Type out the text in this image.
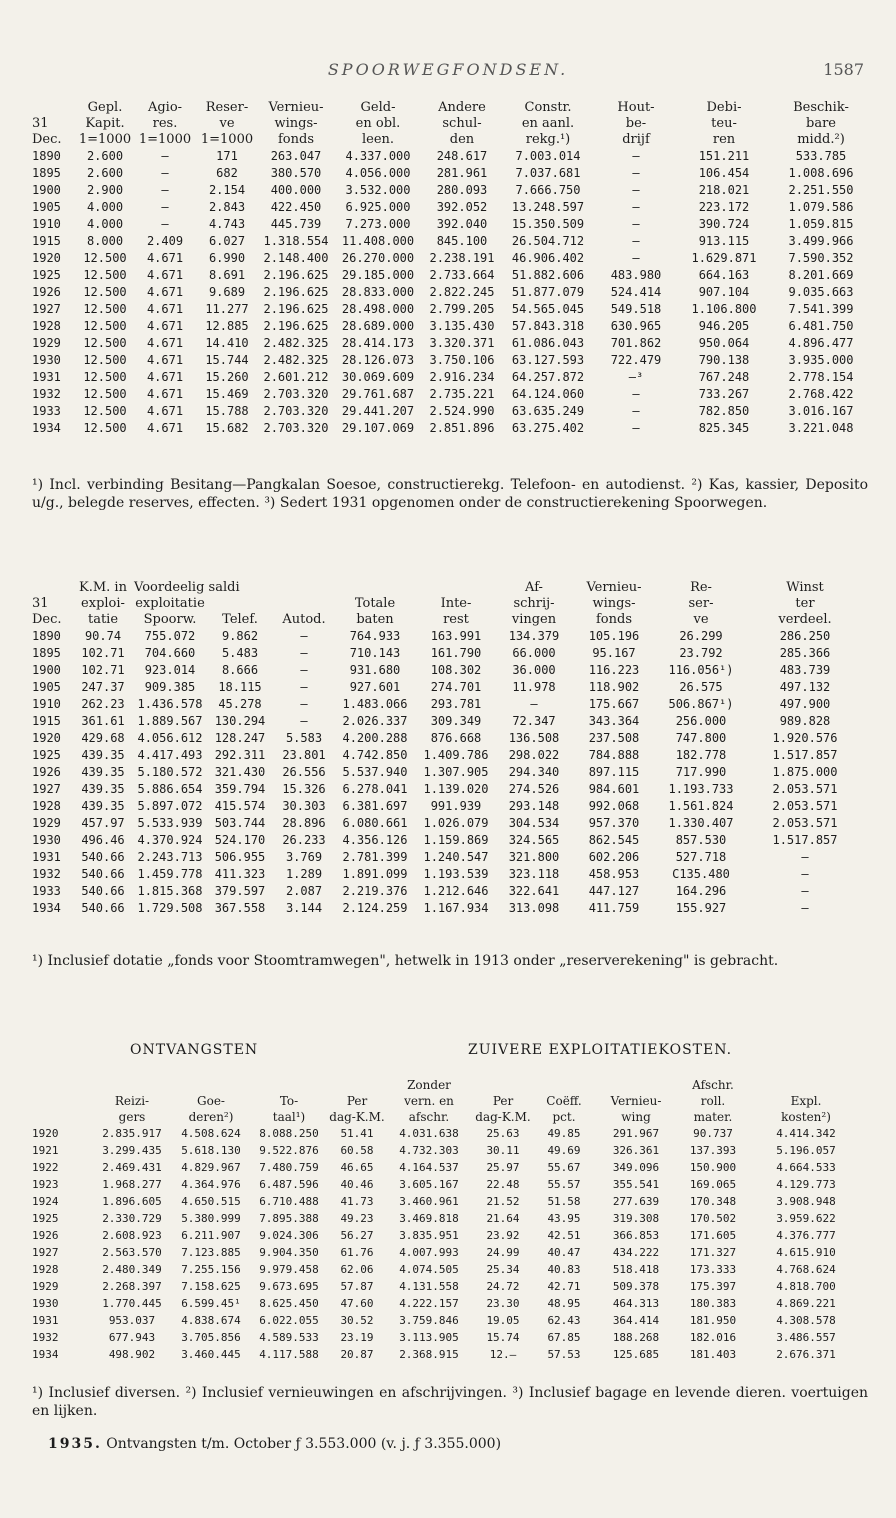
SPOORWEGFONDSEN.	1587
	Gepl.	Agio-	Reser-	Vernieu-	Geld-	Andere	Constr.	Hout-	Debi-	Beschik-
31	Kapit.	res.	ve	wings-	en obl.	schul-	en aanl.	be-	teu-	bare
Dec.	1=1000	1=1000	1=1000	fonds	leen.	den	rekg.¹)	drijf	ren	midd.²)
1890	2.600	—	171	263.047	4.337.000	248.617	7.003.014	—	151.211	533.785
1895	2.600	—	682	380.570	4.056.000	281.961	7.037.681	—	106.454	1.008.696
1900	2.900	—	2.154	400.000	3.532.000	280.093	7.666.750	—	218.021	2.251.550
1905	4.000	—	2.843	422.450	6.925.000	392.052	13.248.597	—	223.172	1.079.586
1910	4.000	—	4.743	445.739	7.273.000	392.040	15.350.509	—	390.724	1.059.815
1915	8.000	2.409	6.027	1.318.554	11.408.000	845.100	26.504.712	—	913.115	3.499.966
1920	12.500	4.671	6.990	2.148.400	26.270.000	2.238.191	46.906.402	—	1.629.871	7.590.352
1925	12.500	4.671	8.691	2.196.625	29.185.000	2.733.664	51.882.606	483.980	664.163	8.201.669
1926	12.500	4.671	9.689	2.196.625	28.833.000	2.822.245	51.877.079	524.414	907.104	9.035.663
1927	12.500	4.671	11.277	2.196.625	28.498.000	2.799.205	54.565.045	549.518	1.106.800	7.541.399
1928	12.500	4.671	12.885	2.196.625	28.689.000	3.135.430	57.843.318	630.965	946.205	6.481.750
1929	12.500	4.671	14.410	2.482.325	28.414.173	3.320.371	61.086.043	701.862	950.064	4.896.477
1930	12.500	4.671	15.744	2.482.325	28.126.073	3.750.106	63.127.593	722.479	790.138	3.935.000
1931	12.500	4.671	15.260	2.601.212	30.069.609	2.916.234	64.257.872	—³	767.248	2.778.154
1932	12.500	4.671	15.469	2.703.320	29.761.687	2.735.221	64.124.060	—	733.267	2.768.422
1933	12.500	4.671	15.788	2.703.320	29.441.207	2.524.990	63.635.249	—	782.850	3.016.167
1934	12.500	4.671	15.682	2.703.320	29.107.069	2.851.896	63.275.402	—	825.345	3.221.048
¹) Incl. verbinding Besitang—Pangkalan Soesoe, constructierekg. Telefoon- en autodienst. ²) Kas, kassier, Deposito u/g., belegde reserves, effecten. ³) Sedert 1931 opgenomen onder de constructierekening Spoorwegen.
	K.M. in	Voordeelig saldi					Af-	Vernieu-	Re-	Winst
31	exploi-	exploitatie			Totale	Inte-	schrij-	wings-	ser-	ter
Dec.	tatie	Spoorw.	Telef.	Autod.	baten	rest	vingen	fonds	ve	verdeel.
1890	90.74	755.072	9.862	—	764.933	163.991	134.379	105.196	26.299	286.250
1895	102.71	704.660	5.483	—	710.143	161.790	66.000	95.167	23.792	285.366
1900	102.71	923.014	8.666	—	931.680	108.302	36.000	116.223	116.056¹)	483.739
1905	247.37	909.385	18.115	—	927.601	274.701	11.978	118.902	26.575	497.132
1910	262.23	1.436.578	45.278	—	1.483.066	293.781	—	175.667	506.867¹)	497.900
1915	361.61	1.889.567	130.294	—	2.026.337	309.349	72.347	343.364	256.000	989.828
1920	429.68	4.056.612	128.247	5.583	4.200.288	876.668	136.508	237.508	747.800	1.920.576
1925	439.35	4.417.493	292.311	23.801	4.742.850	1.409.786	298.022	784.888	182.778	1.517.857
1926	439.35	5.180.572	321.430	26.556	5.537.940	1.307.905	294.340	897.115	717.990	1.875.000
1927	439.35	5.886.654	359.794	15.326	6.278.041	1.139.020	274.526	984.601	1.193.733	2.053.571
1928	439.35	5.897.072	415.574	30.303	6.381.697	991.939	293.148	992.068	1.561.824	2.053.571
1929	457.97	5.533.939	503.744	28.896	6.080.661	1.026.079	304.534	957.370	1.330.407	2.053.571
1930	496.46	4.370.924	524.170	26.233	4.356.126	1.159.869	324.565	862.545	857.530	1.517.857
1931	540.66	2.243.713	506.955	3.769	2.781.399	1.240.547	321.800	602.206	527.718	—
1932	540.66	1.459.778	411.323	1.289	1.891.099	1.193.539	323.118	458.953	C135.480	—
1933	540.66	1.815.368	379.597	2.087	2.219.376	1.212.646	322.641	447.127	164.296	—
1934	540.66	1.729.508	367.558	3.144	2.124.259	1.167.934	313.098	411.759	155.927	—
¹) Inclusief dotatie „fonds voor Stoomtramwegen", hetwelk in 1913 onder „reserverekening" is gebracht.
ONTVANGSTEN	ZUIVERE EXPLOITATIEKOSTEN.
					Zonder				Afschr.	
	Reizi-	Goe-	To-	Per	vern. en	Per	Coëff.	Vernieu-	roll.	Expl.
	gers	deren²)	taal¹)	dag-K.M.	afschr.	dag-K.M.	pct.	wing	mater.	kosten²)
1920	2.835.917	4.508.624	8.088.250	51.41	4.031.638	25.63	49.85	291.967	90.737	4.414.342
1921	3.299.435	5.618.130	9.522.876	60.58	4.732.303	30.11	49.69	326.361	137.393	5.196.057
1922	2.469.431	4.829.967	7.480.759	46.65	4.164.537	25.97	55.67	349.096	150.900	4.664.533
1923	1.968.277	4.364.976	6.487.596	40.46	3.605.167	22.48	55.57	355.541	169.065	4.129.773
1924	1.896.605	4.650.515	6.710.488	41.73	3.460.961	21.52	51.58	277.639	170.348	3.908.948
1925	2.330.729	5.380.999	7.895.388	49.23	3.469.818	21.64	43.95	319.308	170.502	3.959.622
1926	2.608.923	6.211.907	9.024.306	56.27	3.835.951	23.92	42.51	366.853	171.605	4.376.777
1927	2.563.570	7.123.885	9.904.350	61.76	4.007.993	24.99	40.47	434.222	171.327	4.615.910
1928	2.480.349	7.255.156	9.979.458	62.06	4.074.505	25.34	40.83	518.418	173.333	4.768.624
1929	2.268.397	7.158.625	9.673.695	57.87	4.131.558	24.72	42.71	509.378	175.397	4.818.700
1930	1.770.445	6.599.45¹	8.625.450	47.60	4.222.157	23.30	48.95	464.313	180.383	4.869.221
1931	953.037	4.838.674	6.022.055	30.52	3.759.846	19.05	62.43	364.414	181.950	4.308.578
1932	677.943	3.705.856	4.589.533	23.19	3.113.905	15.74	67.85	188.268	182.016	3.486.557
1934	498.902	3.460.445	4.117.588	20.87	2.368.915	12.—	57.53	125.685	181.403	2.676.371
¹) Inclusief diversen. ²) Inclusief vernieuwingen en afschrijvingen. ³) Inclusief bagage en levende dieren. voertuigen en lijken.
1935. Ontvangsten t/m. October ƒ 3.553.000 (v. j. ƒ 3.355.000)
